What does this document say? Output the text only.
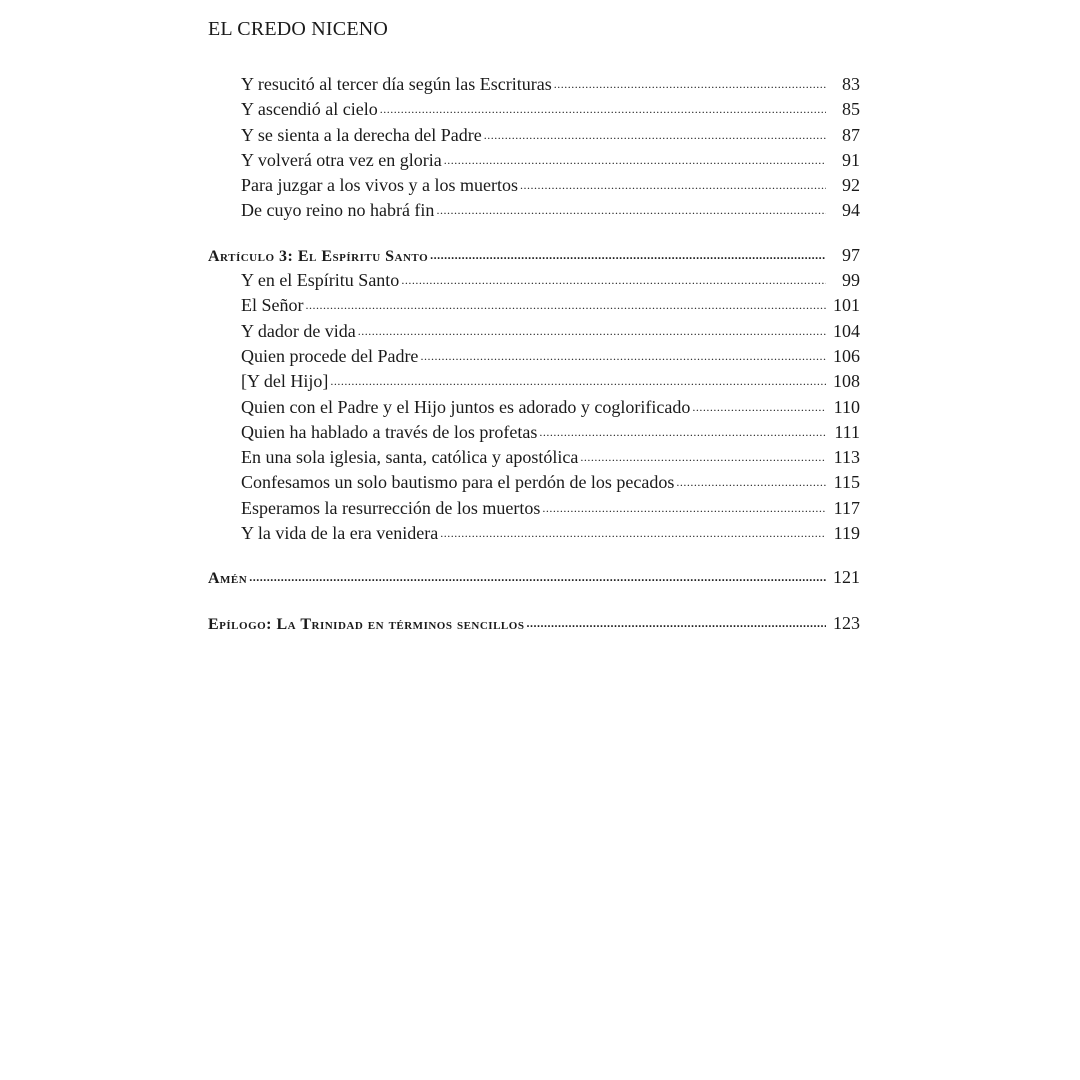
EL CREDO NICENO
Y resucitó al tercer día según las Escrituras .....	83
Y ascendió al cielo .....	85
Y se sienta a la derecha del Padre .....	87
Y volverá otra vez en gloria .....	91
Para juzgar a los vivos y a los muertos .....	92
De cuyo reino no habrá fin .....	94
Artículo 3: El Espíritu Santo .....	97
Y en el Espíritu Santo .....	99
El Señor .....	101
Y dador de vida .....	104
Quien procede del Padre .....	106
[Y del Hijo] .....	108
Quien con el Padre y el Hijo juntos es adorado y coglorificado .....	110
Quien ha hablado a través de los profetas .....	111
En una sola iglesia, santa, católica y apostólica .....	113
Confesamos un solo bautismo para el perdón de los pecados .....	115
Esperamos la resurrección de los muertos .....	117
Y la vida de la era venidera .....	119
Amén .....	121
Epílogo: La Trinidad en términos sencillos .....	123
